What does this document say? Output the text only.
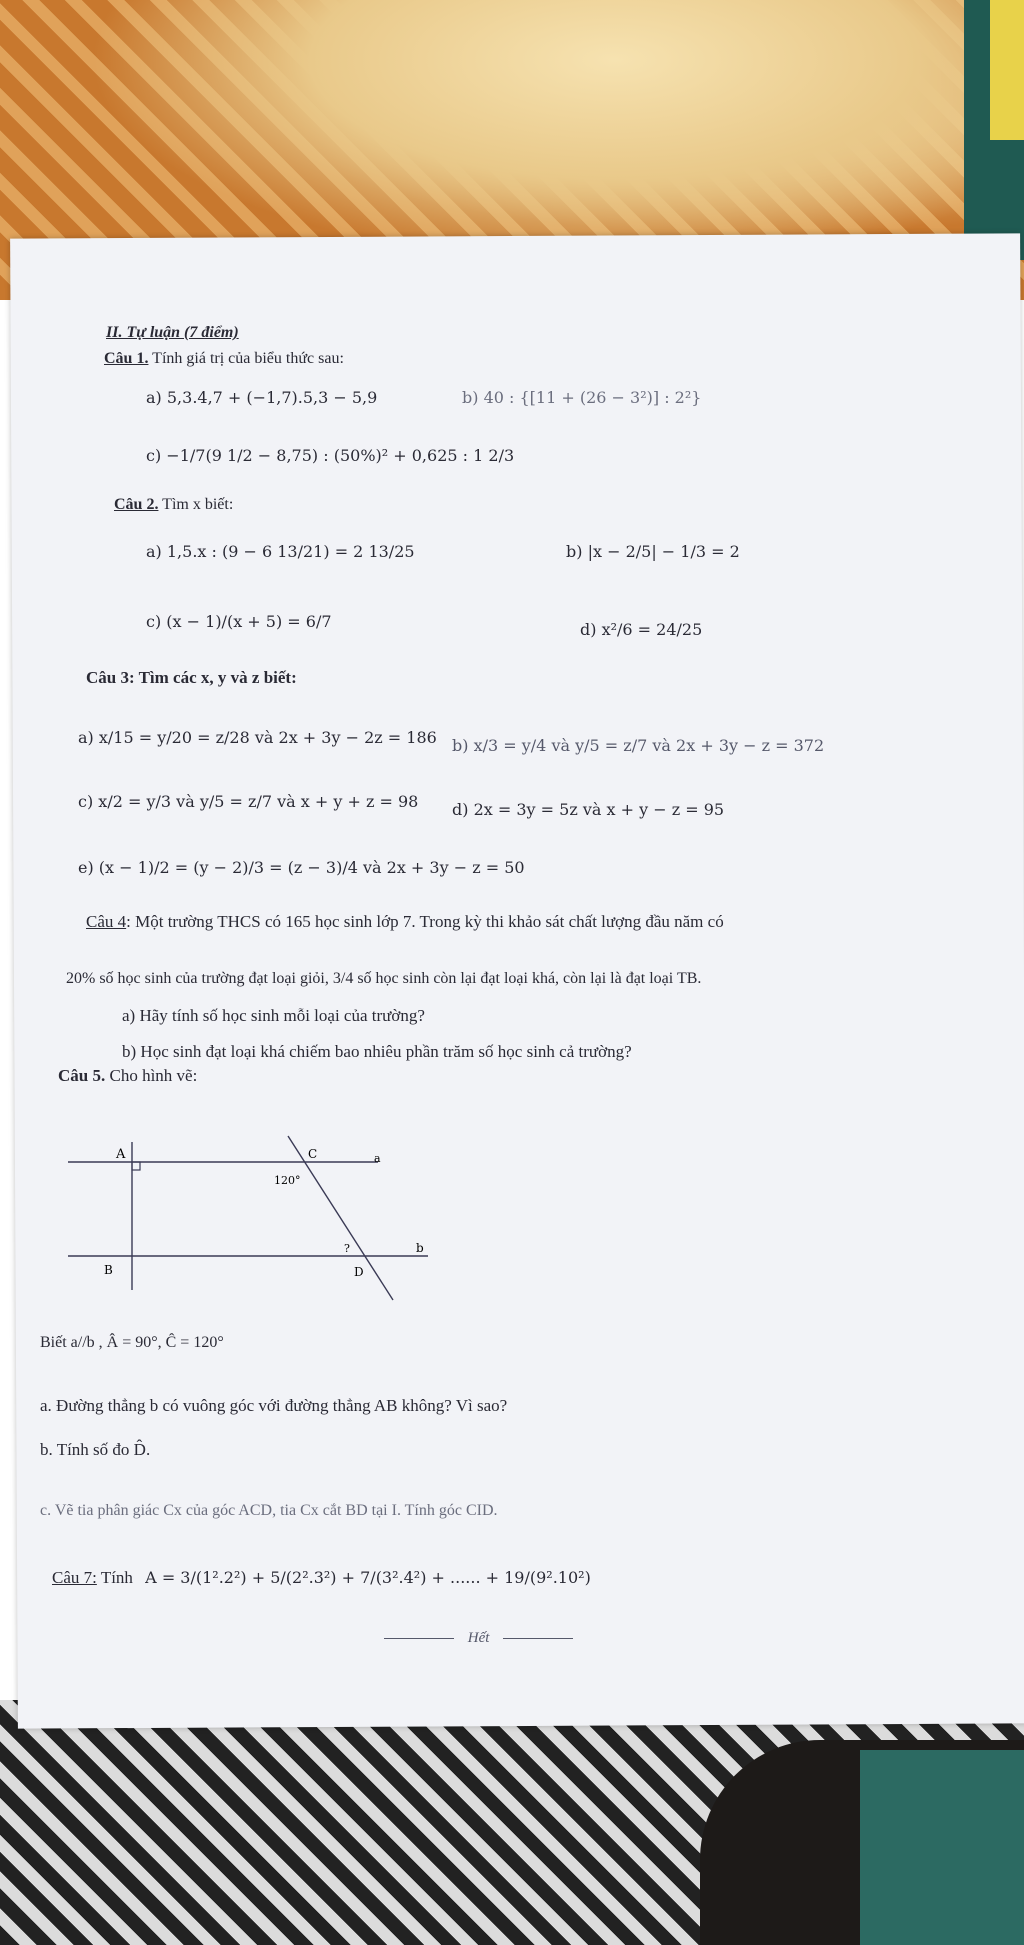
II. Tự luận (7 điểm)
Câu 1. Tính giá trị của biểu thức sau:
a) 5,3.4,7 + (−1,7).5,3 − 5,9	b) 40 : {[11 + (26 − 3²)] : 2²}
c) −1/7(9 1/2 − 8,75) : (50%)² + 0,625 : 1 2/3
Câu 2. Tìm x biết:
a) 1,5.x : (9 − 6 13/21) = 2 13/25	b) |x − 2/5| − 1/3 = 2
c) (x − 1)/(x + 5) = 6/7	d) x²/6 = 24/25
Câu 3: Tìm các x, y và z biết:
a) x/15 = y/20 = z/28 và 2x + 3y − 2z = 186 b) x/3 = y/4 và y/5 = z/7 và 2x + 3y − z = 372
c) x/2 = y/3 và y/5 = z/7 và x + y + z = 98 d) 2x = 3y = 5z và x + y − z = 95
e) (x − 1)/2 = (y − 2)/3 = (z − 3)/4 và 2x + 3y − z = 50
Câu 4: Một trường THCS có 165 học sinh lớp 7. Trong kỳ thi khảo sát chất lượng đầu năm có
20% số học sinh của trường đạt loại giỏi, 3/4 số học sinh còn lại đạt loại khá, còn lại là đạt loại TB.
a) Hãy tính số học sinh mỗi loại của trường?
b) Học sinh đạt loại khá chiếm bao nhiêu phần trăm số học sinh cả trường?
Câu 5. Cho hình vẽ:
A
B
C
D
a
b
120°
?
Biết a//b , Â = 90°, Ĉ = 120°
a. Đường thẳng b có vuông góc với đường thẳng AB không? Vì sao?
b. Tính số đo D̂.
c. Vẽ tia phân giác Cx của góc ACD, tia Cx cắt BD tại I. Tính góc CID.
Câu 7: Tính A = 3/(1².2²) + 5/(2².3²) + 7/(3².4²) + ...... + 19/(9².10²)
Hết
